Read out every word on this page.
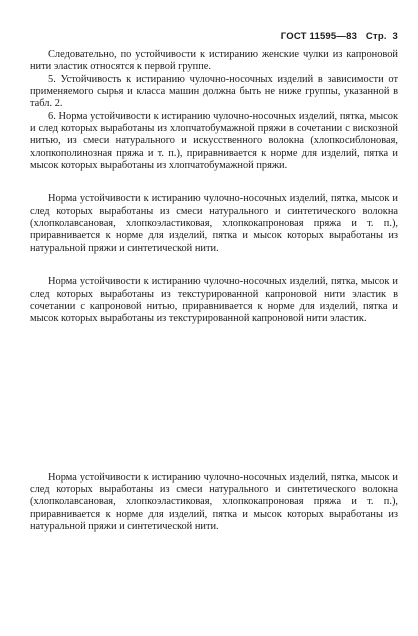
ГОСТ 11595—83 Стр. 3

Следовательно, по устойчивости к истиранию женские чулки из капроновой нити эластик относятся к первой группе.

5. Устойчивость к истиранию чулочно-носочных изделий в зависимости от применяемого сырья и класса машин должна быть не ниже группы, указанной в табл. 2.

6. Норма устойчивости к истиранию чулочно-носочных изделий, пятка, мысок и след которых выработаны из хлопчатобумажной пряжи в сочетании с вискозной нитью, из смеси натурального и искусственного волокна (хлопкосиблоновая, хлопкополинозная пряжа и т. п.), приравнивается к норме для изделий, пятка и мысок которых выработаны из хлопчатобумажной пряжи.

Норма устойчивости к истиранию чулочно-носочных изделий, пятка, мысок и след которых выработаны из смеси натурального и синтетического волокна (хлопколавсановая, хлопкоэластиковая, хлопкокапроновая пряжа и т. п.), приравнивается к норме для изделий, пятка и мысок которых выработаны из натуральной пряжи и синтетической нити.

Норма устойчивости к истиранию чулочно-носочных изделий, пятка, мысок и след которых выработаны из текстурированной капроновой нити эластик в сочетании с капроновой нитью, приравнивается к норме для изделий, пятка и мысок которых выработаны из текстурированной капроновой нити эластик.

Норма устойчивости к истиранию чулочно-носочных изделий, пятка, мысок и след которых выработаны из смеси натурального и синтетического волокна (хлопколавсановая, хлопкоэластиковая, хлопкокапроновая пряжа и т. п.), приравнивается к норме для изделий, пятка и мысок которых выработаны из натуральной пряжи и синтетической нити.
